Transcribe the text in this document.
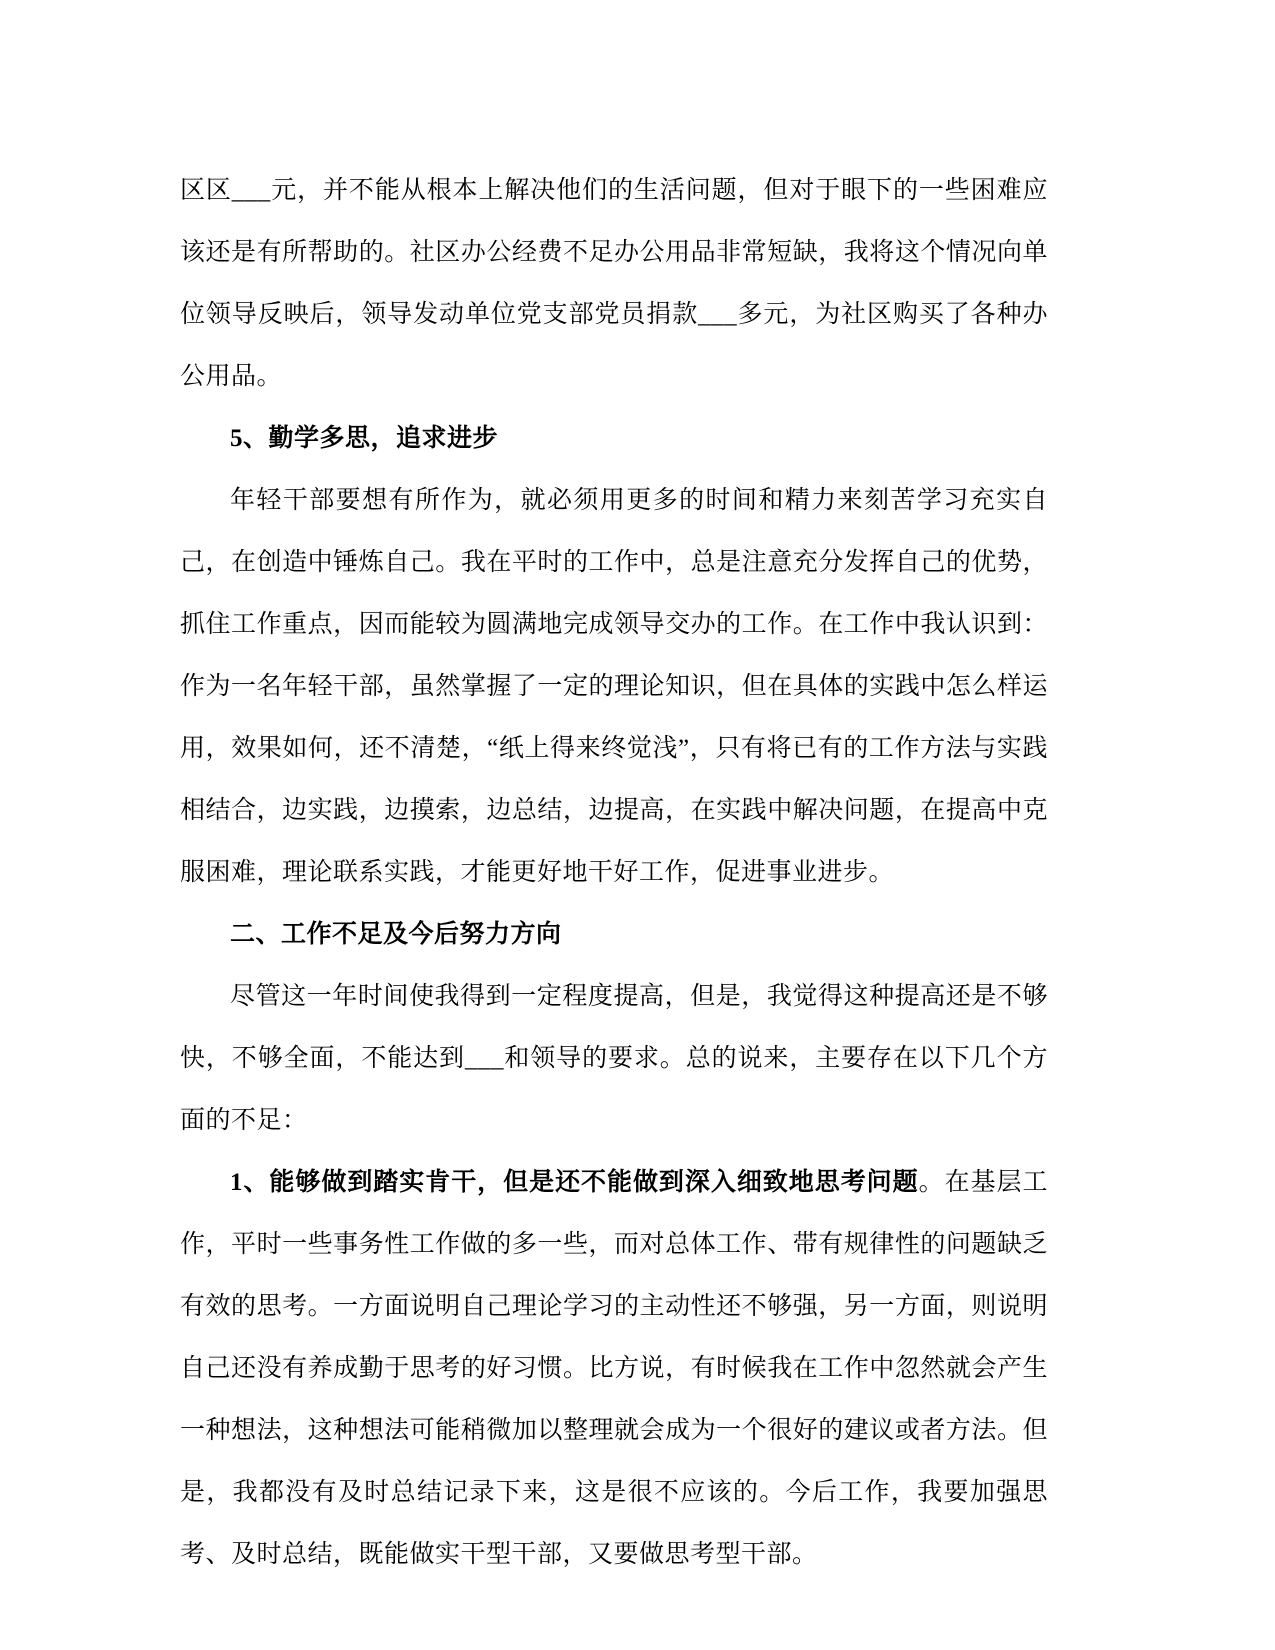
区区___元，并不能从根本上解决他们的生活问题，但对于眼下的一些困难应该还是有所帮助的。社区办公经费不足办公用品非常短缺，我将这个情况向单位领导反映后，领导发动单位党支部党员捐款___多元，为社区购买了各种办公用品。

5、勤学多思，追求进步

年轻干部要想有所作为，就必须用更多的时间和精力来刻苦学习充实自己，在创造中锤炼自己。我在平时的工作中，总是注意充分发挥自己的优势，抓住工作重点，因而能较为圆满地完成领导交办的工作。在工作中我认识到：作为一名年轻干部，虽然掌握了一定的理论知识，但在具体的实践中怎么样运用，效果如何，还不清楚，“纸上得来终觉浅”，只有将已有的工作方法与实践相结合，边实践，边摸索，边总结，边提高，在实践中解决问题，在提高中克服困难，理论联系实践，才能更好地干好工作，促进事业进步。

二、工作不足及今后努力方向

尽管这一年时间使我得到一定程度提高，但是，我觉得这种提高还是不够快，不够全面，不能达到___和领导的要求。总的说来，主要存在以下几个方面的不足：

1、能够做到踏实肯干，但是还不能做到深入细致地思考问题。在基层工作，平时一些事务性工作做的多一些，而对总体工作、带有规律性的问题缺乏有效的思考。一方面说明自己理论学习的主动性还不够强，另一方面，则说明自己还没有养成勤于思考的好习惯。比方说，有时候我在工作中忽然就会产生一种想法，这种想法可能稍微加以整理就会成为一个很好的建议或者方法。但是，我都没有及时总结记录下来，这是很不应该的。今后工作，我要加强思考、及时总结，既能做实干型干部，又要做思考型干部。
